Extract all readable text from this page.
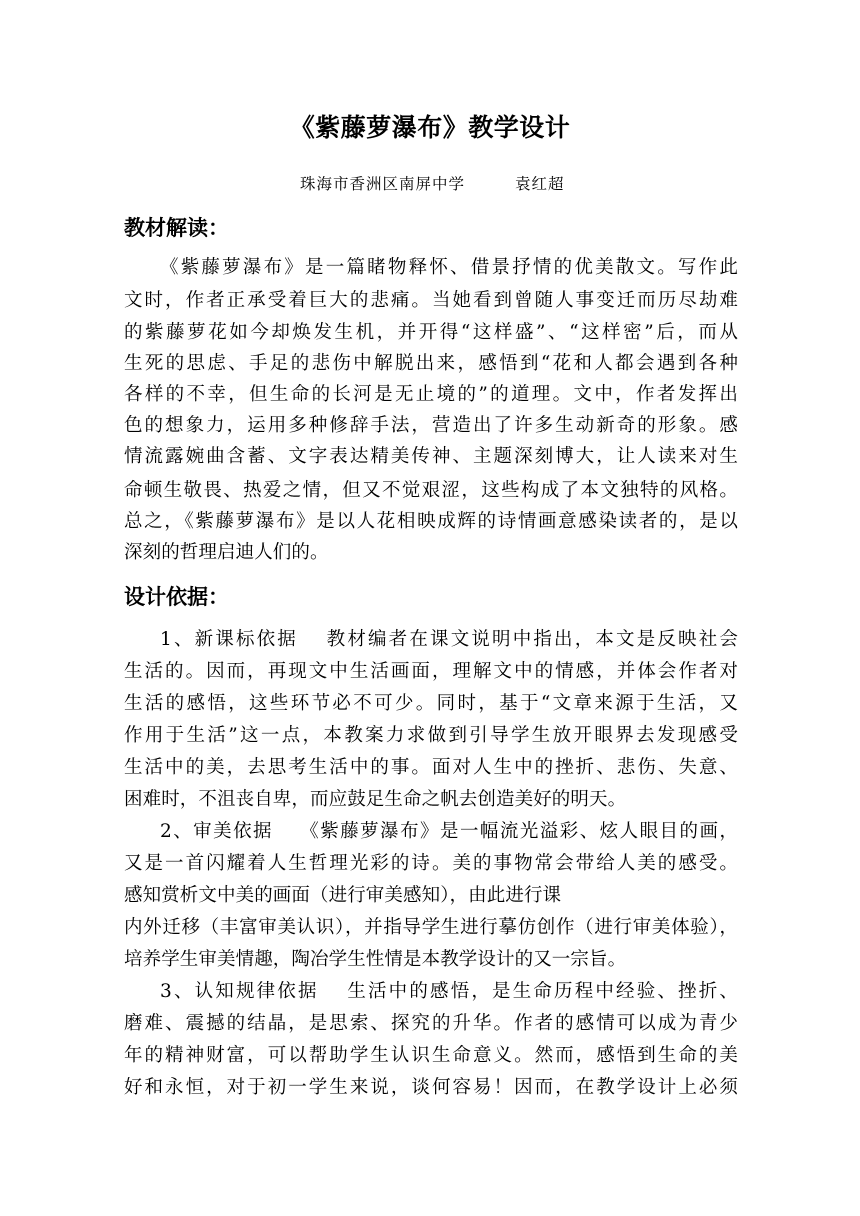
《紫藤萝瀑布》教学设计
珠海市香洲区南屏中学	袁红超
教材解读：
《紫藤萝瀑布》是一篇睹物释怀、借景抒情的优美散文。写作此
文时，作者正承受着巨大的悲痛。当她看到曾随人事变迁而历尽劫难
的紫藤萝花如今却焕发生机，并开得“这样盛”、“这样密”后，而从
生死的思虑、手足的悲伤中解脱出来，感悟到“花和人都会遇到各种
各样的不幸，但生命的长河是无止境的”的道理。文中，作者发挥出
色的想象力，运用多种修辞手法，营造出了许多生动新奇的形象。感
情流露婉曲含蓄、文字表达精美传神、主题深刻博大，让人读来对生
命顿生敬畏、热爱之情，但又不觉艰涩，这些构成了本文独特的风格。
总之，《紫藤萝瀑布》是以人花相映成辉的诗情画意感染读者的，是以
深刻的哲理启迪人们的。
设计依据：
1、新课标依据　 教材编者在课文说明中指出，本文是反映社会
生活的。因而，再现文中生活画面，理解文中的情感，并体会作者对
生活的感悟，这些环节必不可少。同时，基于“文章来源于生活，又
作用于生活”这一点，本教案力求做到引导学生放开眼界去发现感受
生活中的美，去思考生活中的事。面对人生中的挫折、悲伤、失意、
困难时，不沮丧自卑，而应鼓足生命之帆去创造美好的明天。
2、审美依据　 《紫藤萝瀑布》是一幅流光溢彩、炫人眼目的画，
又是一首闪耀着人生哲理光彩的诗。美的事物常会带给人美的感受。
感知赏析文中美的画面（进行审美感知），由此进行课
内外迁移（丰富审美认识），并指导学生进行摹仿创作（进行审美体验），
培养学生审美情趣，陶冶学生性情是本教学设计的又一宗旨。
3、认知规律依据　 生活中的感悟，是生命历程中经验、挫折、
磨难、震撼的结晶，是思索、探究的升华。作者的感情可以成为青少
年的精神财富，可以帮助学生认识生命意义。然而，感悟到生命的美
好和永恒，对于初一学生来说，谈何容易！因而，在教学设计上必须
